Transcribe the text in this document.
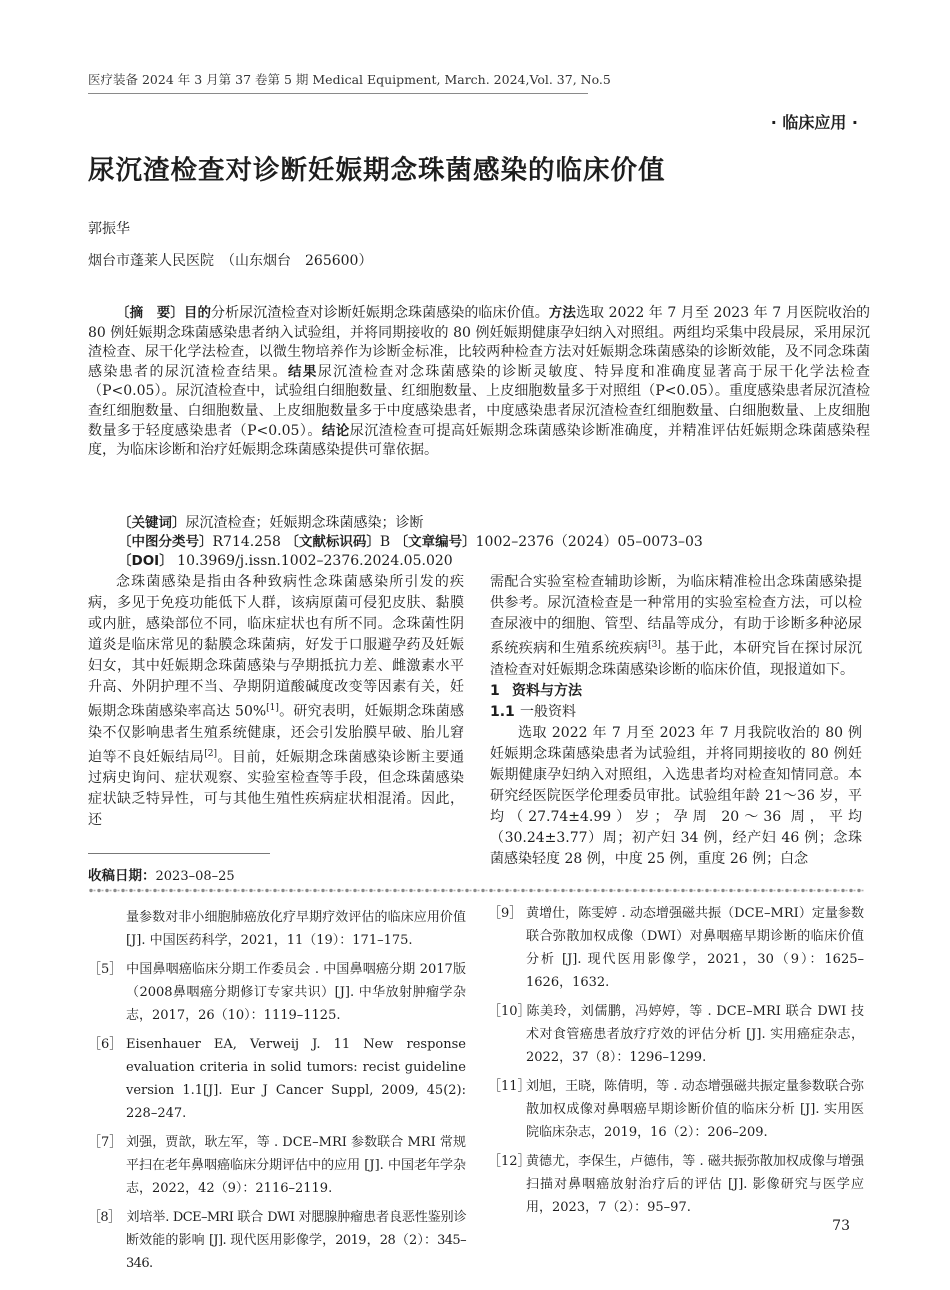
医疗装备 2024 年 3 月第 37 卷第 5 期 Medical Equipment, March. 2024,Vol. 37, No.5
· 临床应用 ·
尿沉渣检查对诊断妊娠期念珠菌感染的临床价值
郭振华
烟台市蓬莱人民医院　（山东烟台　265600）
〔摘　要〕目的分析尿沉渣检查对诊断妊娠期念珠菌感染的临床价值。方法选取 2022 年 7 月至 2023 年 7 月医院收治的 80 例妊娠期念珠菌感染患者纳入试验组，并将同期接收的 80 例妊娠期健康孕妇纳入对照组。两组均采集中段晨尿，采用尿沉渣检查、尿干化学法检查，以微生物培养作为诊断金标准，比较两种检查方法对妊娠期念珠菌感染的诊断效能，及不同念珠菌感染患者的尿沉渣检查结果。结果尿沉渣检查对念珠菌感染的诊断灵敏度、特异度和准确度显著高于尿干化学法检查（P<0.05）。尿沉渣检查中，试验组白细胞数量、红细胞数量、上皮细胞数量多于对照组（P<0.05）。重度感染患者尿沉渣检查红细胞数量、白细胞数量、上皮细胞数量多于中度感染患者，中度感染患者尿沉渣检查红细胞数量、白细胞数量、上皮细胞数量多于轻度感染患者（P<0.05）。结论尿沉渣检查可提高妊娠期念珠菌感染诊断准确度，并精准评估妊娠期念珠菌感染程度，为临床诊断和治疗妊娠期念珠菌感染提供可靠依据。
〔关键词〕尿沉渣检查；妊娠期念珠菌感染；诊断
〔中图分类号〕R714.258 〔文献标识码〕B 〔文章编号〕1002–2376（2024）05–0073–03
〔DOI〕 10.3969/j.issn.1002–2376.2024.05.020
念珠菌感染是指由各种致病性念珠菌感染所引发的疾病，多见于免疫功能低下人群，该病原菌可侵犯皮肤、黏膜或内脏，感染部位不同，临床症状也有所不同。念珠菌性阴道炎是临床常见的黏膜念珠菌病，好发于口服避孕药及妊娠妇女，其中妊娠期念珠菌感染与孕期抵抗力差、雌激素水平升高、外阴护理不当、孕期阴道酸碱度改变等因素有关，妊娠期念珠菌感染率高达 50%[1]。研究表明，妊娠期念珠菌感染不仅影响患者生殖系统健康，还会引发胎膜早破、胎儿窘迫等不良妊娠结局[2]。目前，妊娠期念珠菌感染诊断主要通过病史询问、症状观察、实验室检查等手段，但念珠菌感染症状缺乏特异性，可与其他生殖性疾病症状相混淆。因此，还

需配合实验室检查辅助诊断，为临床精准检出念珠菌感染提供参考。尿沉渣检查是一种常用的实验室检查方法，可以检查尿液中的细胞、管型、结晶等成分，有助于诊断多种泌尿系统疾病和生殖系统疾病[3]。基于此，本研究旨在探讨尿沉渣检查对妊娠期念珠菌感染诊断的临床价值，现报道如下。

1 资料与方法

1.1 一般资料

选取 2022 年 7 月至 2023 年 7 月我院收治的 80 例妊娠期念珠菌感染患者为试验组，并将同期接收的 80 例妊娠期健康孕妇纳入对照组，入选患者均对检查知情同意。本研究经医院医学伦理委员审批。试验组年龄 21～36 岁，平均（27.74±4.99）岁；孕周 20～36 周，平均（30.24±3.77）周；初产妇 34 例，经产妇 46 例；念珠菌感染轻度 28 例，中度 25 例，重度 26 例；白念

收稿日期：2023–08–25

量参数对非小细胞肺癌放化疗早期疗效评估的临床应用价值 [J]. 中国医药科学，2021，11（19）：171–175.

［5］ 中国鼻咽癌临床分期工作委员会 . 中国鼻咽癌分期 2017版（2008鼻咽癌分期修订专家共识）[J]. 中华放射肿瘤学杂志，2017，26（10）：1119–1125.

［6］ Eisenhauer EA, Verweij J. 11 New response evaluation criteria in solid tumors: recist guideline version 1.1[J]. Eur J Cancer Suppl, 2009, 45(2): 228–247.

［7］ 刘强，贾歆，耿左军，等 . DCE–MRI 参数联合 MRI 常规平扫在老年鼻咽癌临床分期评估中的应用 [J]. 中国老年学杂志，2022，42（9）：2116–2119.

［8］ 刘培举. DCE–MRI 联合 DWI 对腮腺肿瘤患者良恶性鉴别诊断效能的影响 [J]. 现代医用影像学，2019，28（2）：345–346.

［9］ 黄增仕，陈雯婷 . 动态增强磁共振（DCE–MRI）定量参数联合弥散加权成像（DWI）对鼻咽癌早期诊断的临床价值分析 [J]. 现代医用影像学，2021，30（9）：1625–1626，1632.

［10］陈美玲，刘儒鹏，冯婷婷，等 . DCE–MRI 联合 DWI 技术对食管癌患者放疗疗效的评估分析 [J]. 实用癌症杂志，2022，37（8）：1296–1299.

［11］刘旭，王晓，陈倩明，等 . 动态增强磁共振定量参数联合弥散加权成像对鼻咽癌早期诊断价值的临床分析 [J]. 实用医院临床杂志，2019，16（2）：206–209.

［12］黄德尤，李保生，卢德伟，等 . 磁共振弥散加权成像与增强扫描对鼻咽癌放射治疗后的评估 [J]. 影像研究与医学应用，2023，7（2）：95–97.

73
